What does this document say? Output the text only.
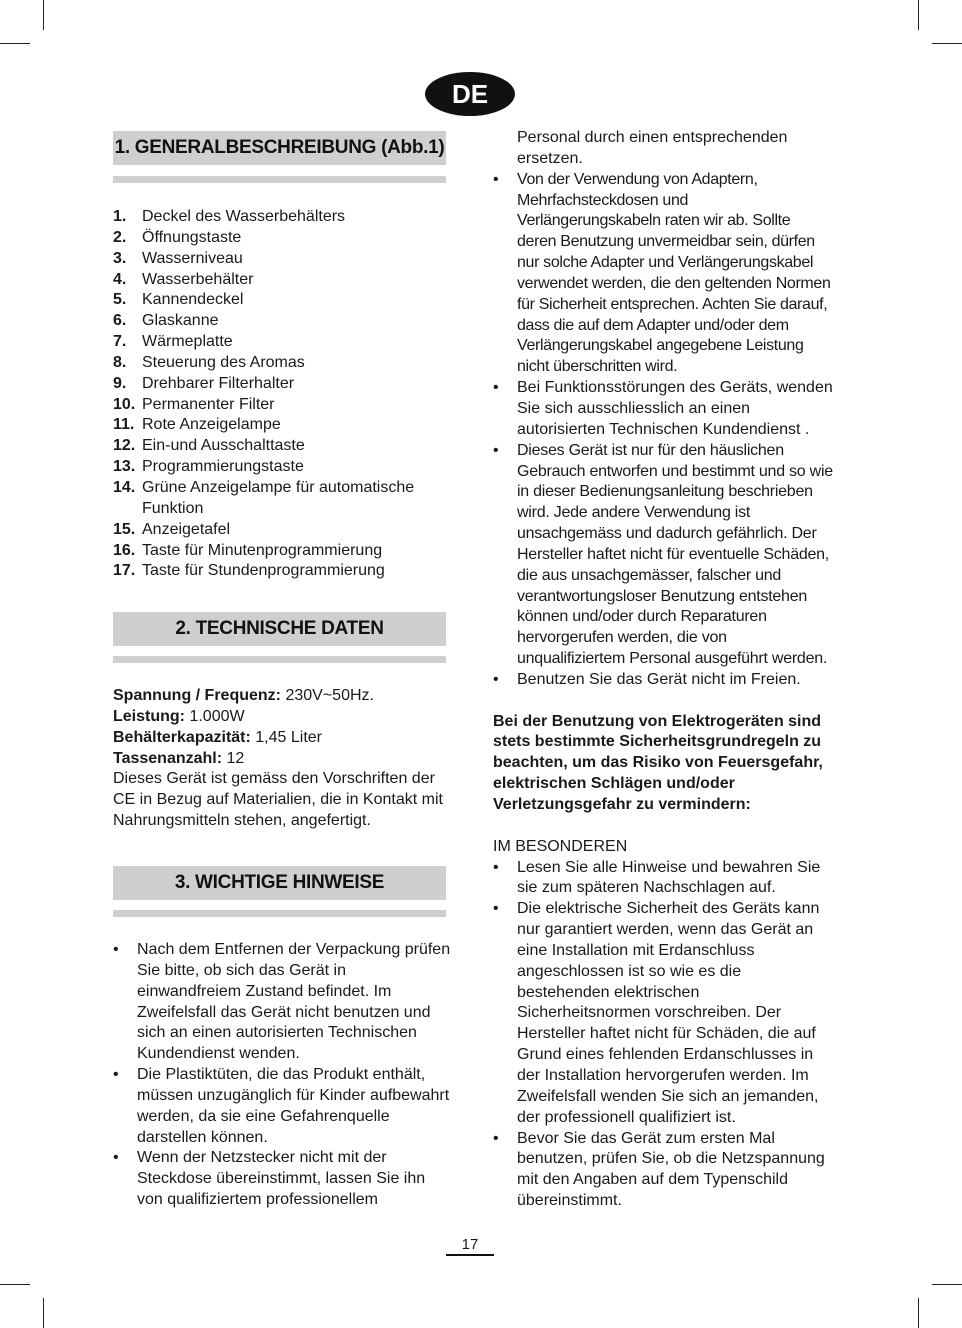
DE
1. GENERALBESCHREIBUNG (Abb.1)
1. Deckel des Wasserbehälters
2. Öffnungstaste
3. Wasserniveau
4. Wasserbehälter
5. Kannendeckel
6. Glaskanne
7. Wärmeplatte
8. Steuerung des Aromas
9. Drehbarer Filterhalter
10. Permanenter Filter
11. Rote Anzeigelampe
12. Ein-und Ausschalttaste
13. Programmierungstaste
14. Grüne Anzeigelampe für automatische Funktion
15. Anzeigetafel
16. Taste für Minutenprogrammierung
17. Taste für Stundenprogrammierung
2. TECHNISCHE DATEN
Spannung / Frequenz: 230V~50Hz.
Leistung: 1.000W
Behälterkapazität: 1,45 Liter
Tassenanzahl: 12
Dieses Gerät ist gemäss den Vorschriften der CE in Bezug auf Materialien, die in Kontakt mit Nahrungsmitteln stehen, angefertigt.
3. WICHTIGE HINWEISE
• Nach dem Entfernen der Verpackung prüfen Sie bitte, ob sich das Gerät in einwandfreiem Zustand befindet. Im Zweifelsfall das Gerät nicht benutzen und sich an einen autorisierten Technischen Kundendienst wenden.
• Die Plastiktüten, die das Produkt enthält, müssen unzugänglich für Kinder aufbewahrt werden, da sie eine Gefahrenquelle darstellen können.
• Wenn der Netzstecker nicht mit der Steckdose übereinstimmt, lassen Sie ihn von qualifiziertem professionellem
Personal durch einen entsprechenden ersetzen.
• Von der Verwendung von Adaptern, Mehrfachsteckdosen und Verlängerungskabeln raten wir ab. Sollte deren Benutzung unvermeidbar sein, dürfen nur solche Adapter und Verlängerungskabel verwendet werden, die den geltenden Normen für Sicherheit entsprechen. Achten Sie darauf, dass die auf dem Adapter und/oder dem Verlängerungskabel angegebene Leistung nicht überschritten wird.
• Bei Funktionsstörungen des Geräts, wenden Sie sich ausschliesslich an einen autorisierten Technischen Kundendienst .
• Dieses Gerät ist nur für den häuslichen Gebrauch entworfen und bestimmt und so wie in dieser Bedienungsanleitung beschrieben wird. Jede andere Verwendung ist unsachgemäss und dadurch gefährlich. Der Hersteller haftet nicht für eventuelle Schäden, die aus unsachgemässer, falscher und verantwortungsloser Benutzung entstehen können und/oder durch Reparaturen hervorgerufen werden, die von unqualifiziertem Personal ausgeführt werden.
• Benutzen Sie das Gerät nicht im Freien.
Bei der Benutzung von Elektrogeräten sind stets bestimmte Sicherheitsgrundregeln zu beachten, um das Risiko von Feuersgefahr, elektrischen Schlägen und/oder Verletzungsgefahr zu vermindern:
IM BESONDEREN
• Lesen Sie alle Hinweise und bewahren Sie sie zum späteren Nachschlagen auf.
• Die elektrische Sicherheit des Geräts kann nur garantiert werden, wenn das Gerät an eine Installation mit Erdanschluss angeschlossen ist so wie es die bestehenden elektrischen Sicherheitsnormen vorschreiben. Der Hersteller haftet nicht für Schäden, die auf Grund eines fehlenden Erdanschlusses in der Installation hervorgerufen werden. Im Zweifelsfall wenden Sie sich an jemanden, der professionell qualifiziert ist.
• Bevor Sie das Gerät zum ersten Mal benutzen, prüfen Sie, ob die Netzspannung mit den Angaben auf dem Typenschild übereinstimmt.
17
